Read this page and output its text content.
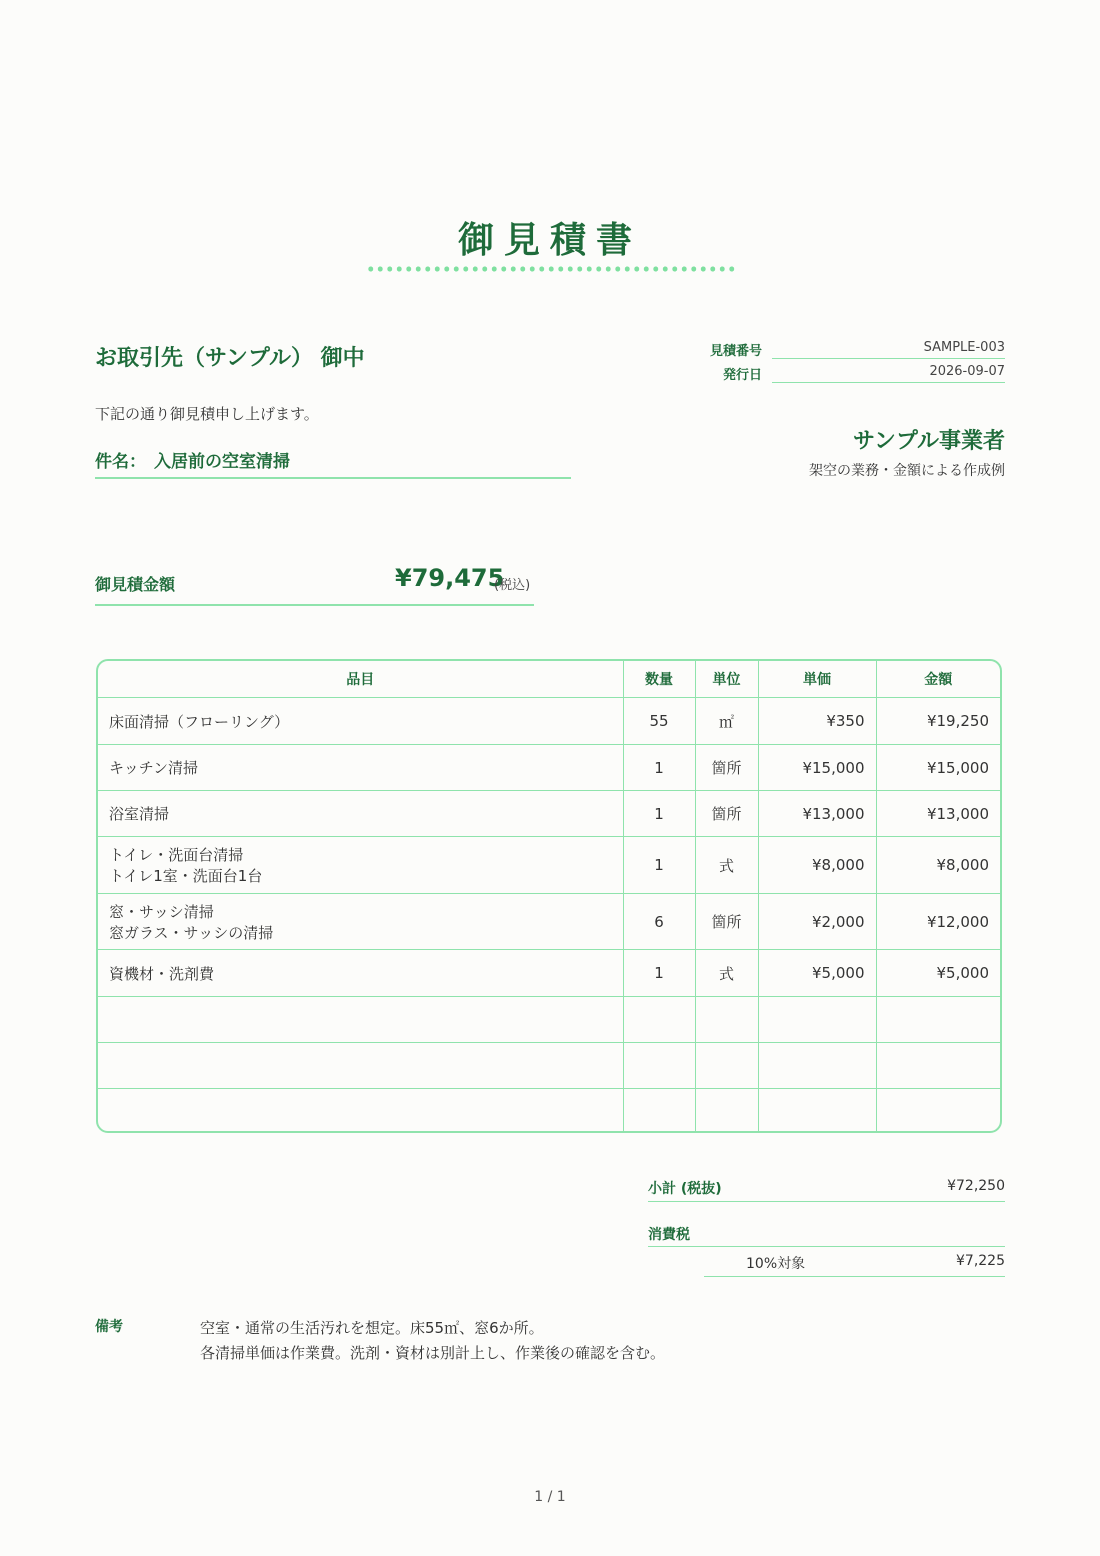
御見積書
お取引先（サンプル） 御中
下記の通り御見積申し上げます。
件名： 入居前の空室清掃
見積番号	SAMPLE-003
発行日	2026-09-07
サンプル事業者
架空の業務・金額による作成例
御見積金額	¥79,475
(税込)
品目	数量	単位	単価	金額
床面清掃（フローリング）	55	㎡	¥350	¥19,250
キッチン清掃	1	箇所	¥15,000	¥15,000
浴室清掃	1	箇所	¥13,000	¥13,000

トイレ・洗面台清掃
トイレ1室・洗面台1台	1	式	¥8,000	¥8,000

窓・サッシ清掃
窓ガラス・サッシの清掃	6	箇所	¥2,000	¥12,000
資機材・洗剤費	1	式	¥5,000	¥5,000

小計 (税抜)	¥72,250
消費税
10%対象	¥7,225
備考	空室・通常の生活汚れを想定。床55㎡、窓6か所。
各清掃単価は作業費。洗剤・資材は別計上し、作業後の確認を含む。
1 / 1
